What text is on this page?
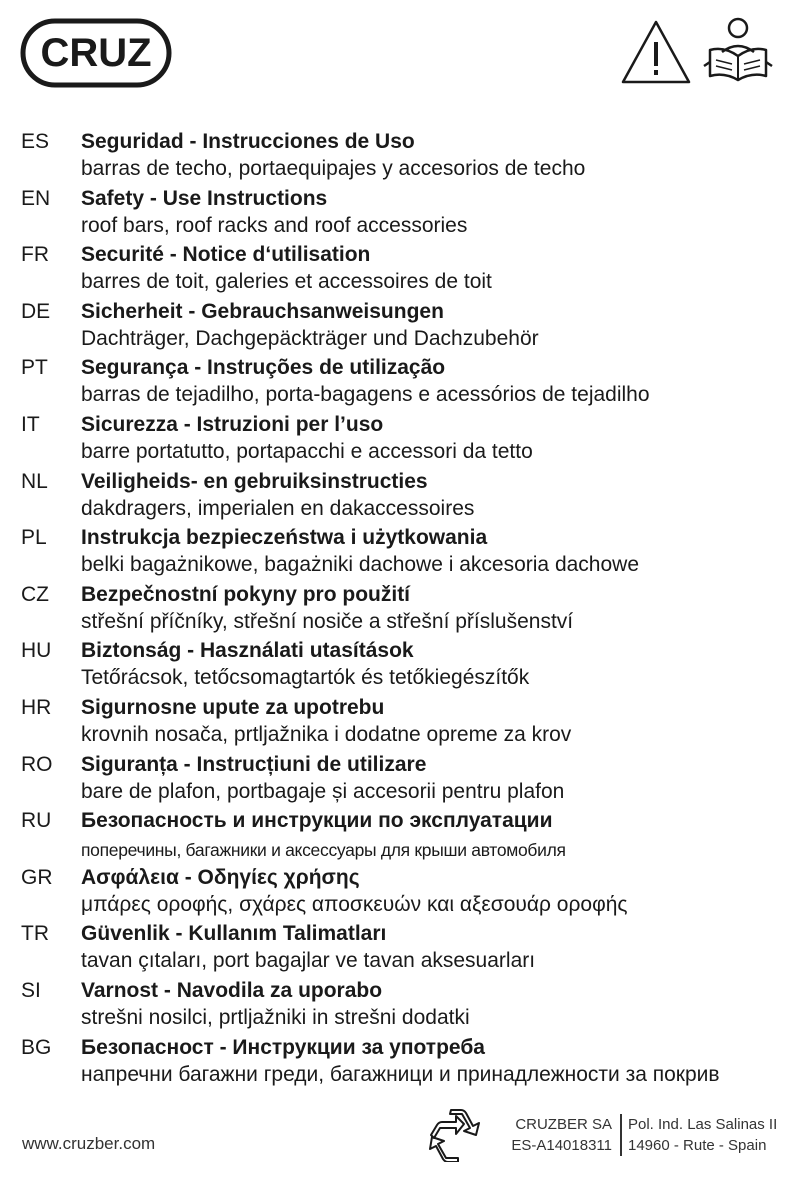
CRUZ
ES Seguridad - Instrucciones de Uso
barras de techo, portaequipajes y accesorios de techo
EN Safety - Use Instructions
roof bars, roof racks and roof accessories
FR Securité - Notice d‘utilisation
barres de toit, galeries et accessoires de toit
DE Sicherheit - Gebrauchsanweisungen
Dachträger, Dachgepäckträger und Dachzubehör
PT Segurança - Instruções de utilização
barras de tejadilho, porta-bagagens e acessórios de tejadilho
IT Sicurezza - Istruzioni per l’uso
barre portatutto, portapacchi e accessori da tetto
NL Veiligheids- en gebruiksinstructies
dakdragers, imperialen en dakaccessoires
PL Instrukcja bezpieczeństwa i użytkowania
belki bagażnikowe, bagażniki dachowe i akcesoria dachowe
CZ Bezpečnostní pokyny pro použití
střešní příčníky, střešní nosiče a střešní příslušenství
HU Biztonság - Használati utasítások
Tetőrácsok, tetőcsomagtartók és tetőkiegészítők
HR Sigurnosne upute za upotrebu
krovnih nosača, prtljažnika i dodatne opreme za krov
RO Siguranța - Instrucțiuni de utilizare
bare de plafon, portbagaje și accesorii pentru plafon
RU Безопасность и инструкции по эксплуатации
поперечины, багажники и аксессуары для крыши автомобиля
GR Ασφάλεια - Οδηγίες χρήσης
μπάρες οροφής, σχάρες αποσκευών και αξεσουάρ οροφής
TR Güvenlik - Kullanım Talimatları
tavan çıtaları, port bagajlar ve tavan aksesuarları
SI Varnost - Navodila za uporabo
strešni nosilci, prtljažniki in strešni dodatki
BG Безопасност - Инструкции за употреба
напречни багажни греди, багажници и принадлежности за покрив
www.cruzber.com
CRUZBER SA
ES-A14018311
Pol. Ind. Las Salinas II
14960 - Rute - Spain
